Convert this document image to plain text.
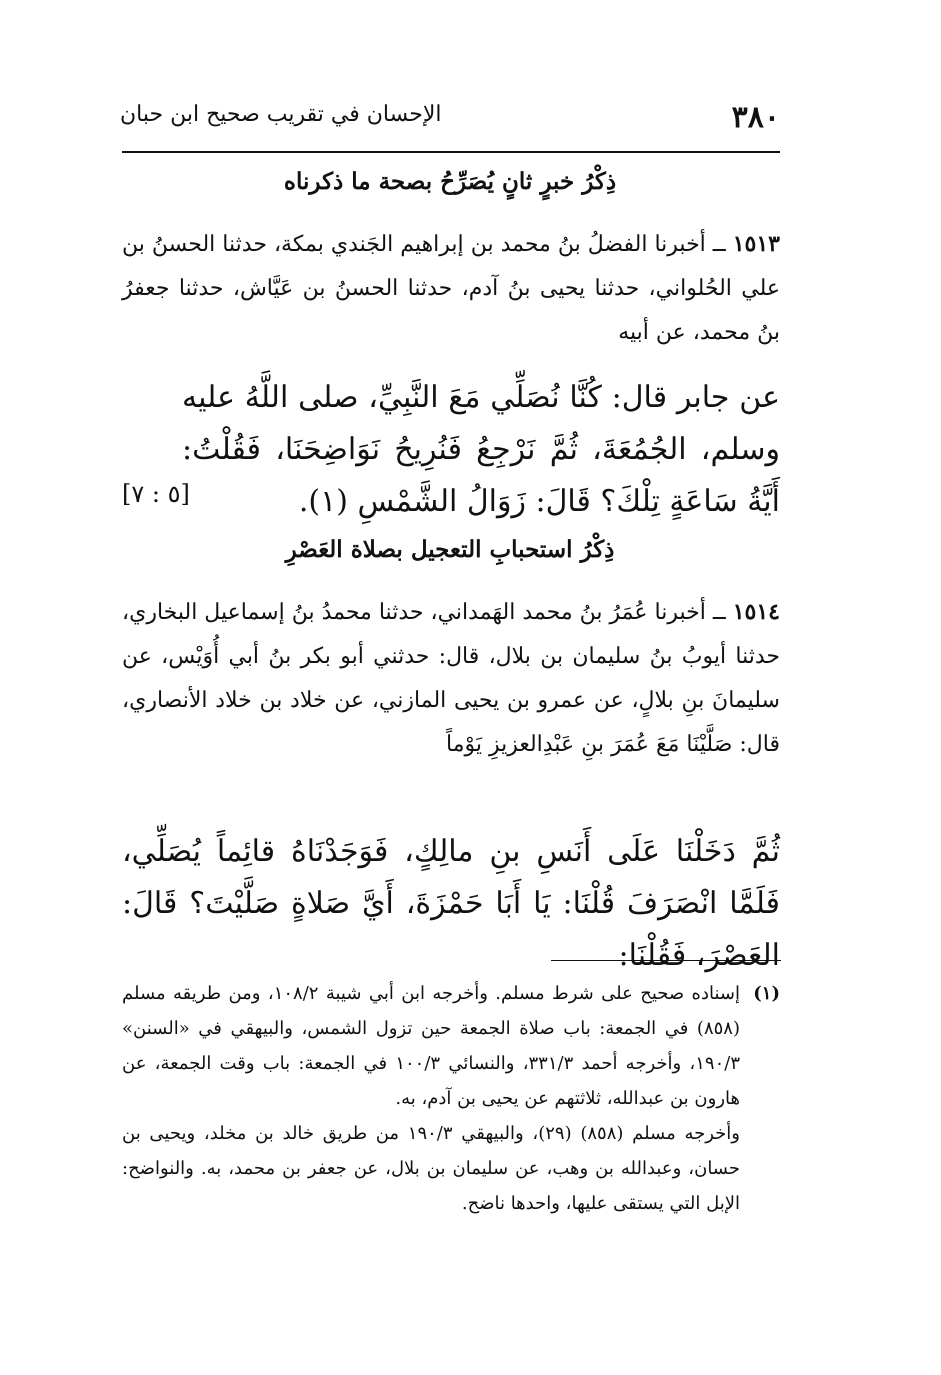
٣٨٠
الإحسان في تقريب صحيح ابن حبان
ذِكْرُ خبرٍ ثانٍ يُصَرِّحُ بصحة ما ذكرناه
١٥١٣ ــ أخبرنا الفضلُ بنُ محمد بن إبراهيم الجَندي بمكة، حدثنا الحسنُ بن علي الحُلواني، حدثنا يحيى بنُ آدم، حدثنا الحسنُ بن عَيَّاش، حدثنا جعفرُ بنُ محمد، عن أبيه
عن جابر قال: كُنَّا نُصَلِّي مَعَ النَّبِيِّ، صلى اللَّهُ عليه وسلم، الجُمُعَةَ، ثُمَّ نَرْجِعُ فَنُرِيحُ نَوَاضِحَنَا، فَقُلْتُ: أَيَّةُ سَاعَةٍ تِلْكَ؟ قَالَ: زَوَالُ الشَّمْسِ (١).
[٥ : ٧]
ذِكْرُ استحبابِ التعجيل بصلاة العَصْرِ
١٥١٤ ــ أخبرنا عُمَرُ بنُ محمد الهَمداني، حدثنا محمدُ بنُ إسماعيل البخاري، حدثنا أيوبُ بنُ سليمان بن بلال، قال: حدثني أبو بكر بنُ أبي أُوَيْس، عن سليمانَ بنِ بلالٍ، عن عمرو بن يحيى المازني، عن خلاد بن خلاد الأنصاري، قال: صَلَّيْنَا مَعَ عُمَرَ بنِ عَبْدِالعزيزِ يَوْماً
ثُمَّ دَخَلْنَا عَلَى أَنَسِ بنِ مالِكٍ، فَوَجَدْنَاهُ قائِماً يُصَلِّي، فَلَمَّا انْصَرَفَ قُلْنَا: يَا أَبَا حَمْزَةَ، أَيَّ صَلاةٍ صَلَّيْتَ؟ قَالَ: العَصْرَ، فَقُلْنَا:
(١)
إسناده صحيح على شرط مسلم. وأخرجه ابن أبي شيبة ١٠٨/٢، ومن طريقه مسلم (٨٥٨) في الجمعة: باب صلاة الجمعة حين تزول الشمس، والبيهقي في «السنن» ١٩٠/٣، وأخرجه أحمد ٣٣١/٣، والنسائي ١٠٠/٣ في الجمعة: باب وقت الجمعة، عن هارون بن عبدالله، ثلاثتهم عن يحيى بن آدم، به.
وأخرجه مسلم (٨٥٨) (٢٩)، والبيهقي ١٩٠/٣ من طريق خالد بن مخلد، ويحيى بن حسان، وعبدالله بن وهب، عن سليمان بن بلال، عن جعفر بن محمد، به. والنواضح: الإبل التي يستقى عليها، واحدها ناضح.
